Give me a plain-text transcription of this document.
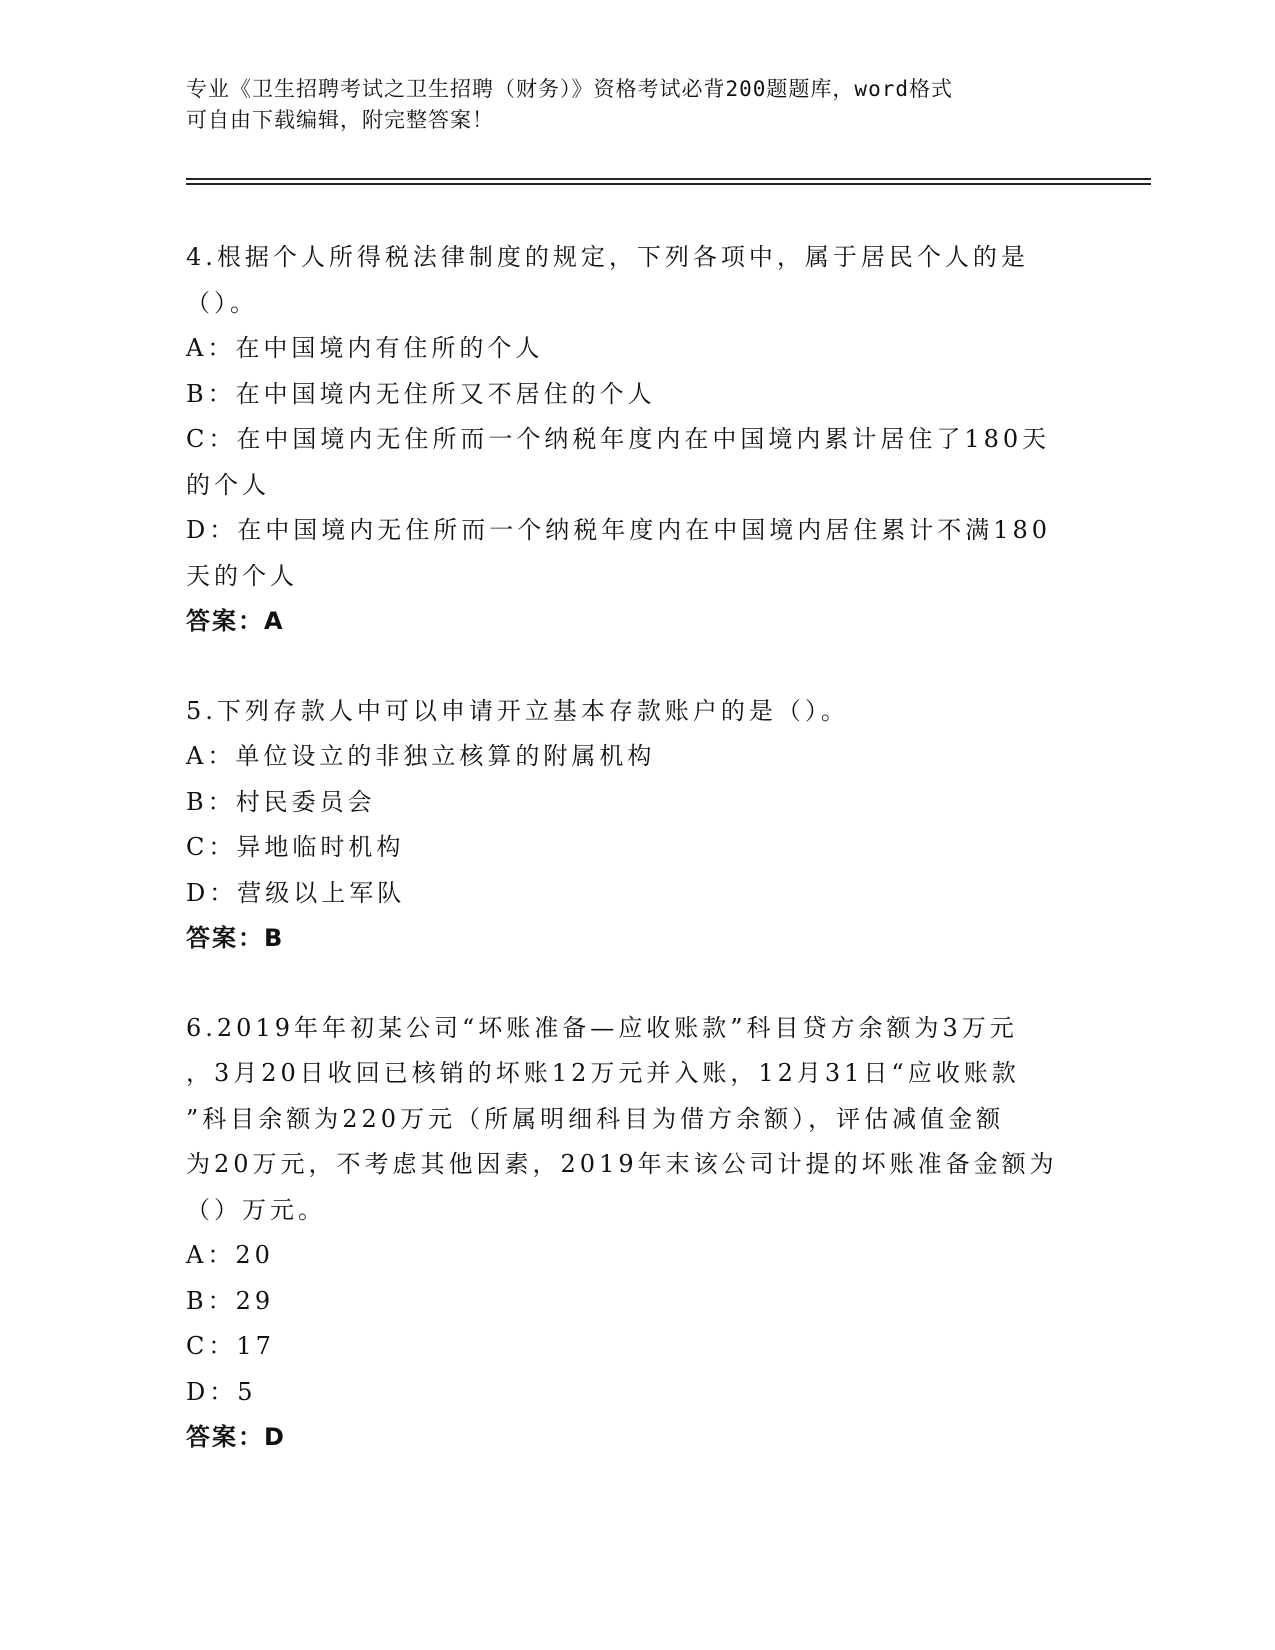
专业《卫生招聘考试之卫生招聘（财务）》资格考试必背200题题库，word格式
可自由下载编辑，附完整答案！
4.根据个人所得税法律制度的规定，下列各项中，属于居民个人的是
（）。
A：在中国境内有住所的个人
B：在中国境内无住所又不居住的个人
C：在中国境内无住所而一个纳税年度内在中国境内累计居住了180天
的个人
D：在中国境内无住所而一个纳税年度内在中国境内居住累计不满180
天的个人
答案：A
5.下列存款人中可以申请开立基本存款账户的是（）。
A：单位设立的非独立核算的附属机构
B：村民委员会
C：异地临时机构
D：营级以上军队
答案：B
6.2019年年初某公司“坏账准备—应收账款”科目贷方余额为3万元
，3月20日收回已核销的坏账12万元并入账，12月31日“应收账款
”科目余额为220万元（所属明细科目为借方余额），评估减值金额
为20万元，不考虑其他因素，2019年末该公司计提的坏账准备金额为
（）万元。
A：20
B：29
C：17
D：5
答案：D
